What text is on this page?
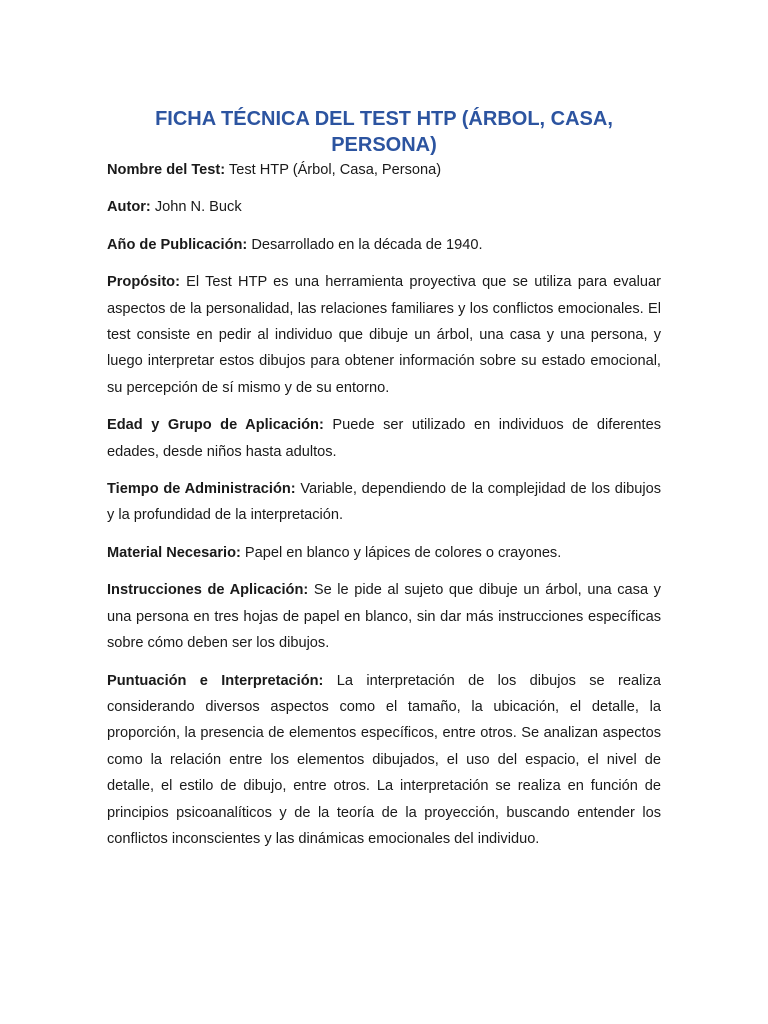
FICHA TÉCNICA DEL TEST HTP (ÁRBOL, CASA, PERSONA)

Nombre del Test: Test HTP (Árbol, Casa, Persona)

Autor: John N. Buck

Año de Publicación: Desarrollado en la década de 1940.

Propósito: El Test HTP es una herramienta proyectiva que se utiliza para evaluar aspectos de la personalidad, las relaciones familiares y los conflictos emocionales. El test consiste en pedir al individuo que dibuje un árbol, una casa y una persona, y luego interpretar estos dibujos para obtener información sobre su estado emocional, su percepción de sí mismo y de su entorno.

Edad y Grupo de Aplicación: Puede ser utilizado en individuos de diferentes edades, desde niños hasta adultos.

Tiempo de Administración: Variable, dependiendo de la complejidad de los dibujos y la profundidad de la interpretación.

Material Necesario: Papel en blanco y lápices de colores o crayones.

Instrucciones de Aplicación: Se le pide al sujeto que dibuje un árbol, una casa y una persona en tres hojas de papel en blanco, sin dar más instrucciones específicas sobre cómo deben ser los dibujos.

Puntuación e Interpretación: La interpretación de los dibujos se realiza considerando diversos aspectos como el tamaño, la ubicación, el detalle, la proporción, la presencia de elementos específicos, entre otros. Se analizan aspectos como la relación entre los elementos dibujados, el uso del espacio, el nivel de detalle, el estilo de dibujo, entre otros. La interpretación se realiza en función de principios psicoanalíticos y de la teoría de la proyección, buscando entender los conflictos inconscientes y las dinámicas emocionales del individuo.
